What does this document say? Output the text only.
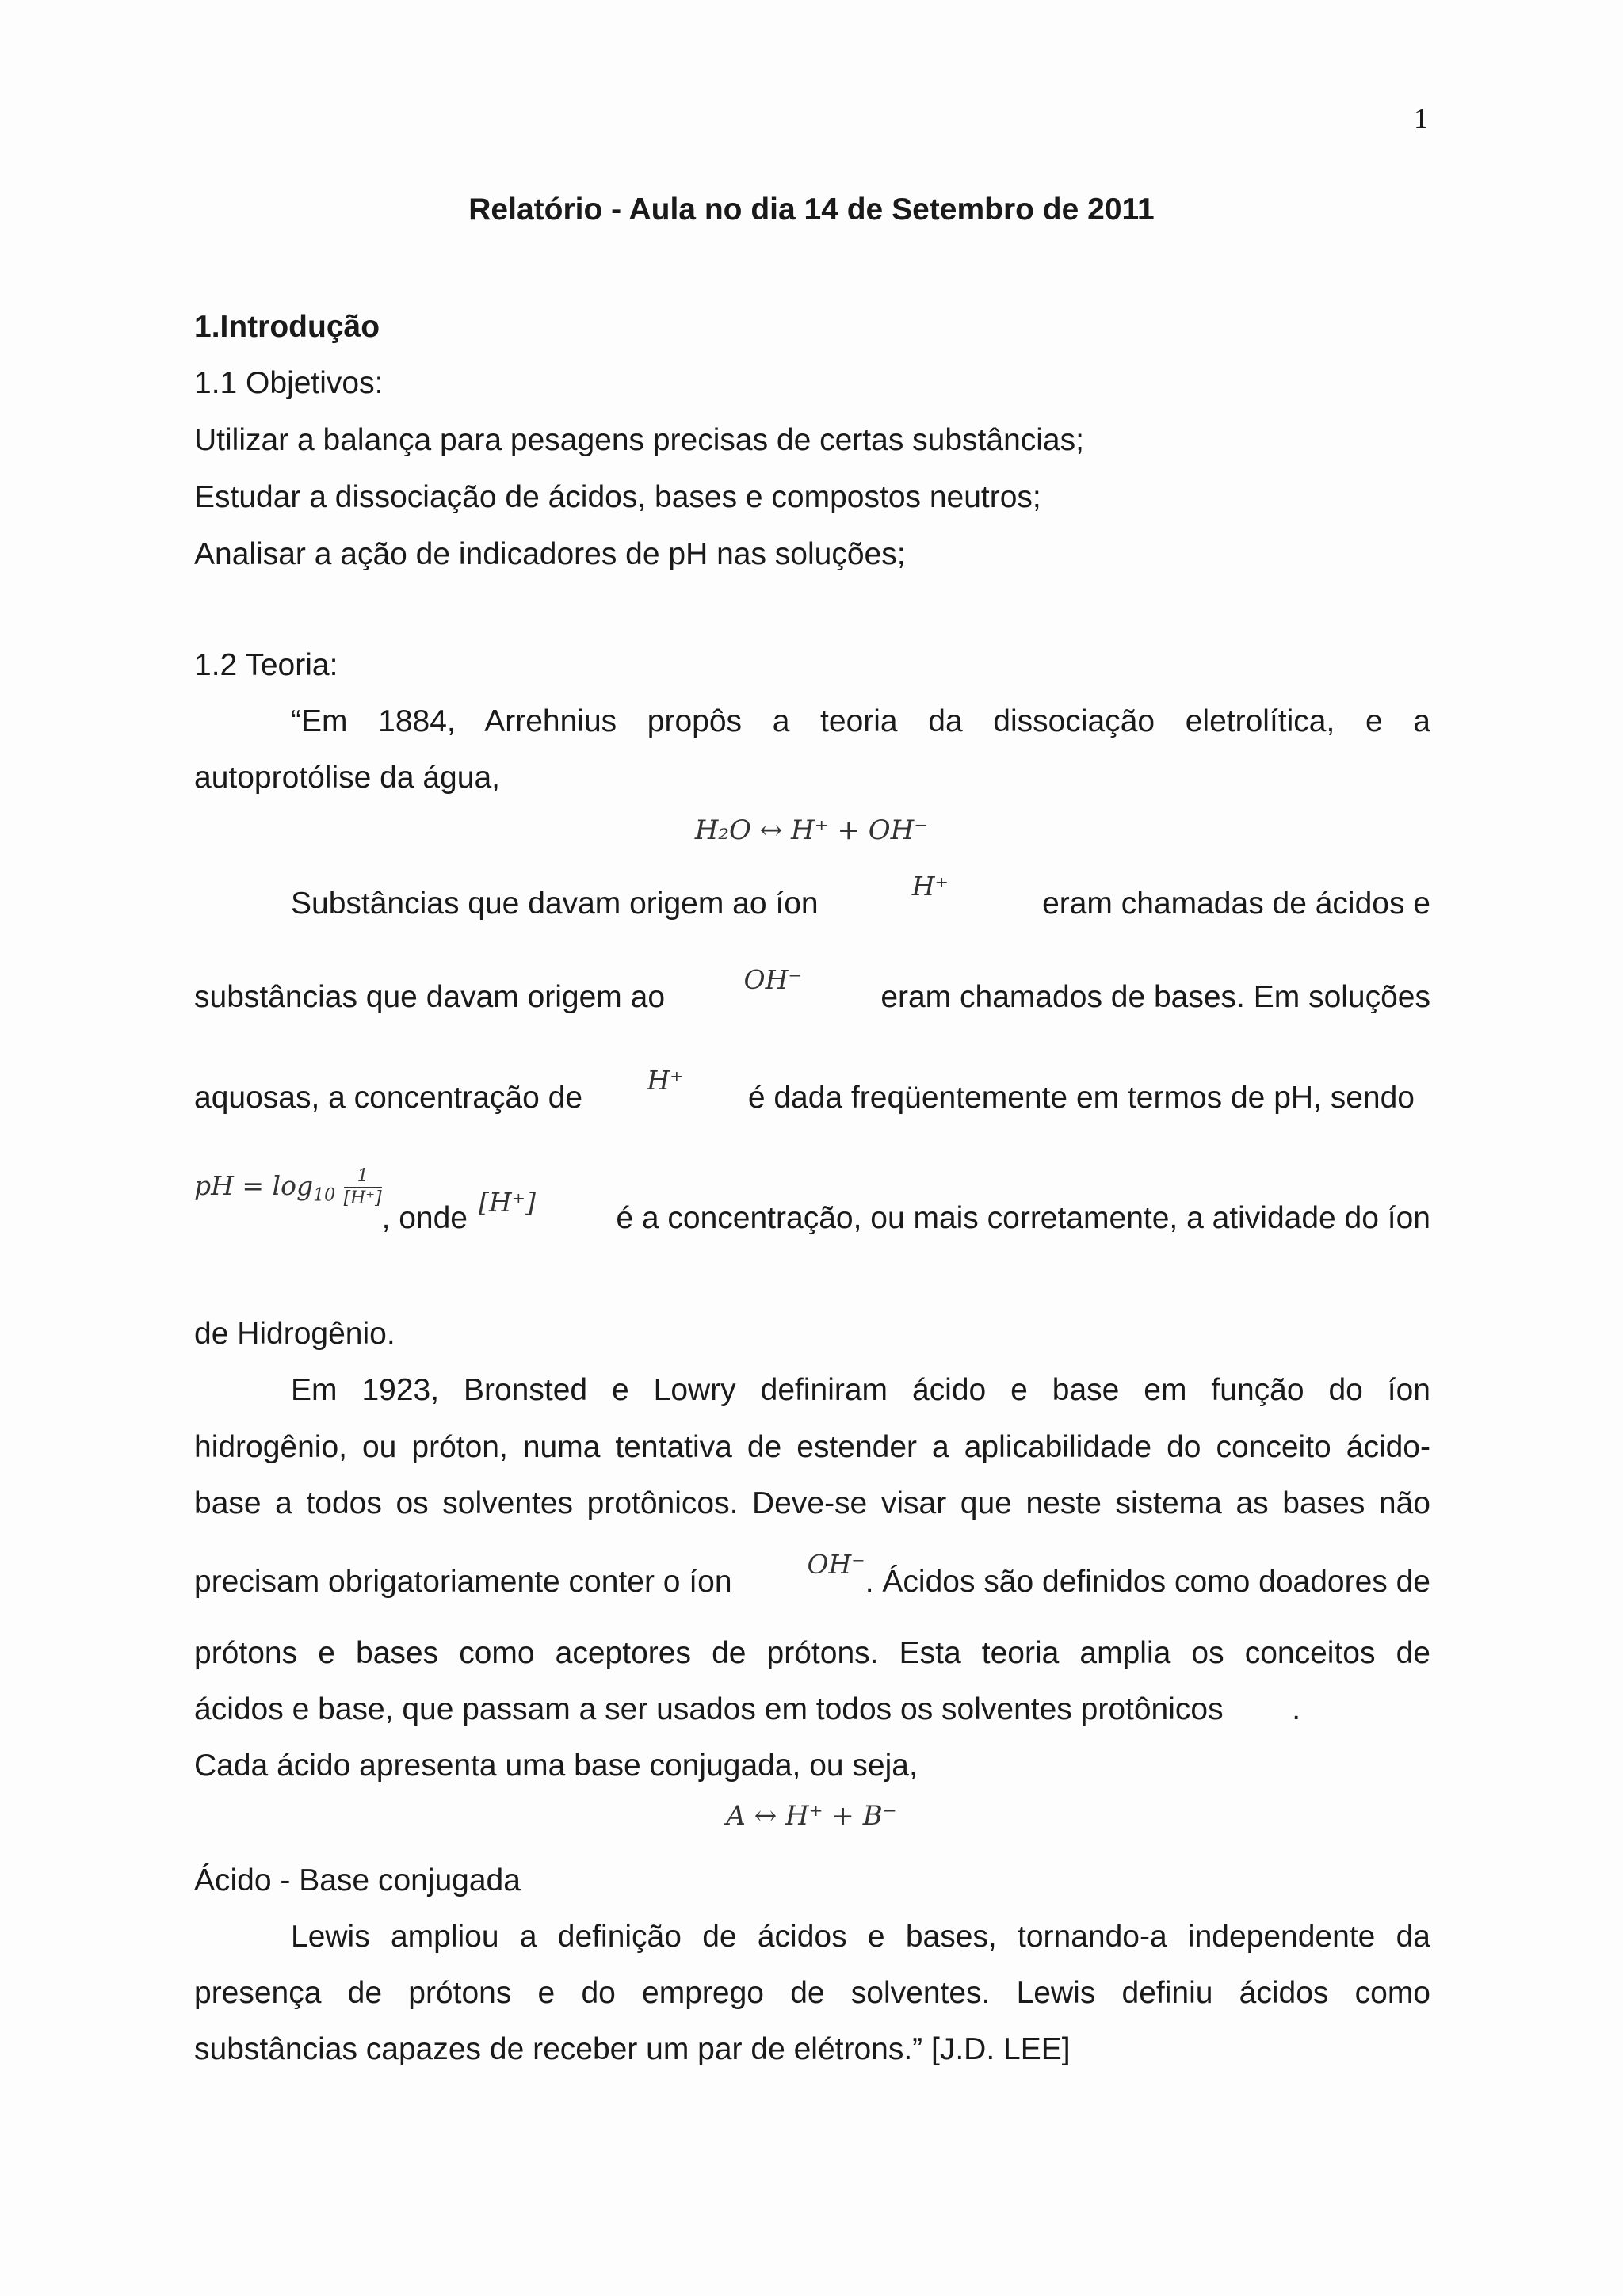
1
Relatório - Aula no dia 14 de Setembro de 2011
1.Introdução
1.1 Objetivos:
Utilizar a balança para pesagens precisas de certas substâncias;
Estudar a dissociação de ácidos, bases e compostos neutros;
Analisar a ação de indicadores de pH nas soluções;
1.2 Teoria:
“Em 1884, Arrehnius propôs a teoria da dissociação eletrolítica, e a
autoprotólise da água,
H₂O ↔ H⁺ + OH⁻
Substâncias que davam origem ao íon
H⁺
eram chamadas de ácidos e
substâncias que davam origem ao
OH⁻
eram chamados de bases. Em soluções
aquosas, a concentração de
H⁺
é dada freqüentemente em termos de pH, sendo
pH = $\log_{10} \frac{1}{[H^+]}$
, onde [H⁺]	é a concentração, ou mais corretamente, a atividade do íon
de Hidrogênio.
Em 1923, Bronsted e Lowry definiram ácido e base em função do íon
hidrogênio, ou próton, numa tentativa de estender a aplicabilidade do conceito ácido-
base a todos os solventes protônicos. Deve-se visar que neste sistema as bases não
precisam obrigatoriamente conter o íon
OH⁻
. Ácidos são definidos como doadores de
prótons e bases como aceptores de prótons. Esta teoria amplia os conceitos de
ácidos e base, que passam a ser usados em todos os solventes protônicos        .
Cada ácido apresenta uma base conjugada, ou seja,
A ↔ H⁺ + B⁻
Ácido - Base conjugada
Lewis ampliou a definição de ácidos e bases, tornando-a independente da
presença de prótons e do emprego de solventes. Lewis definiu ácidos como
substâncias capazes de receber um par de elétrons.” [J.D. LEE]
